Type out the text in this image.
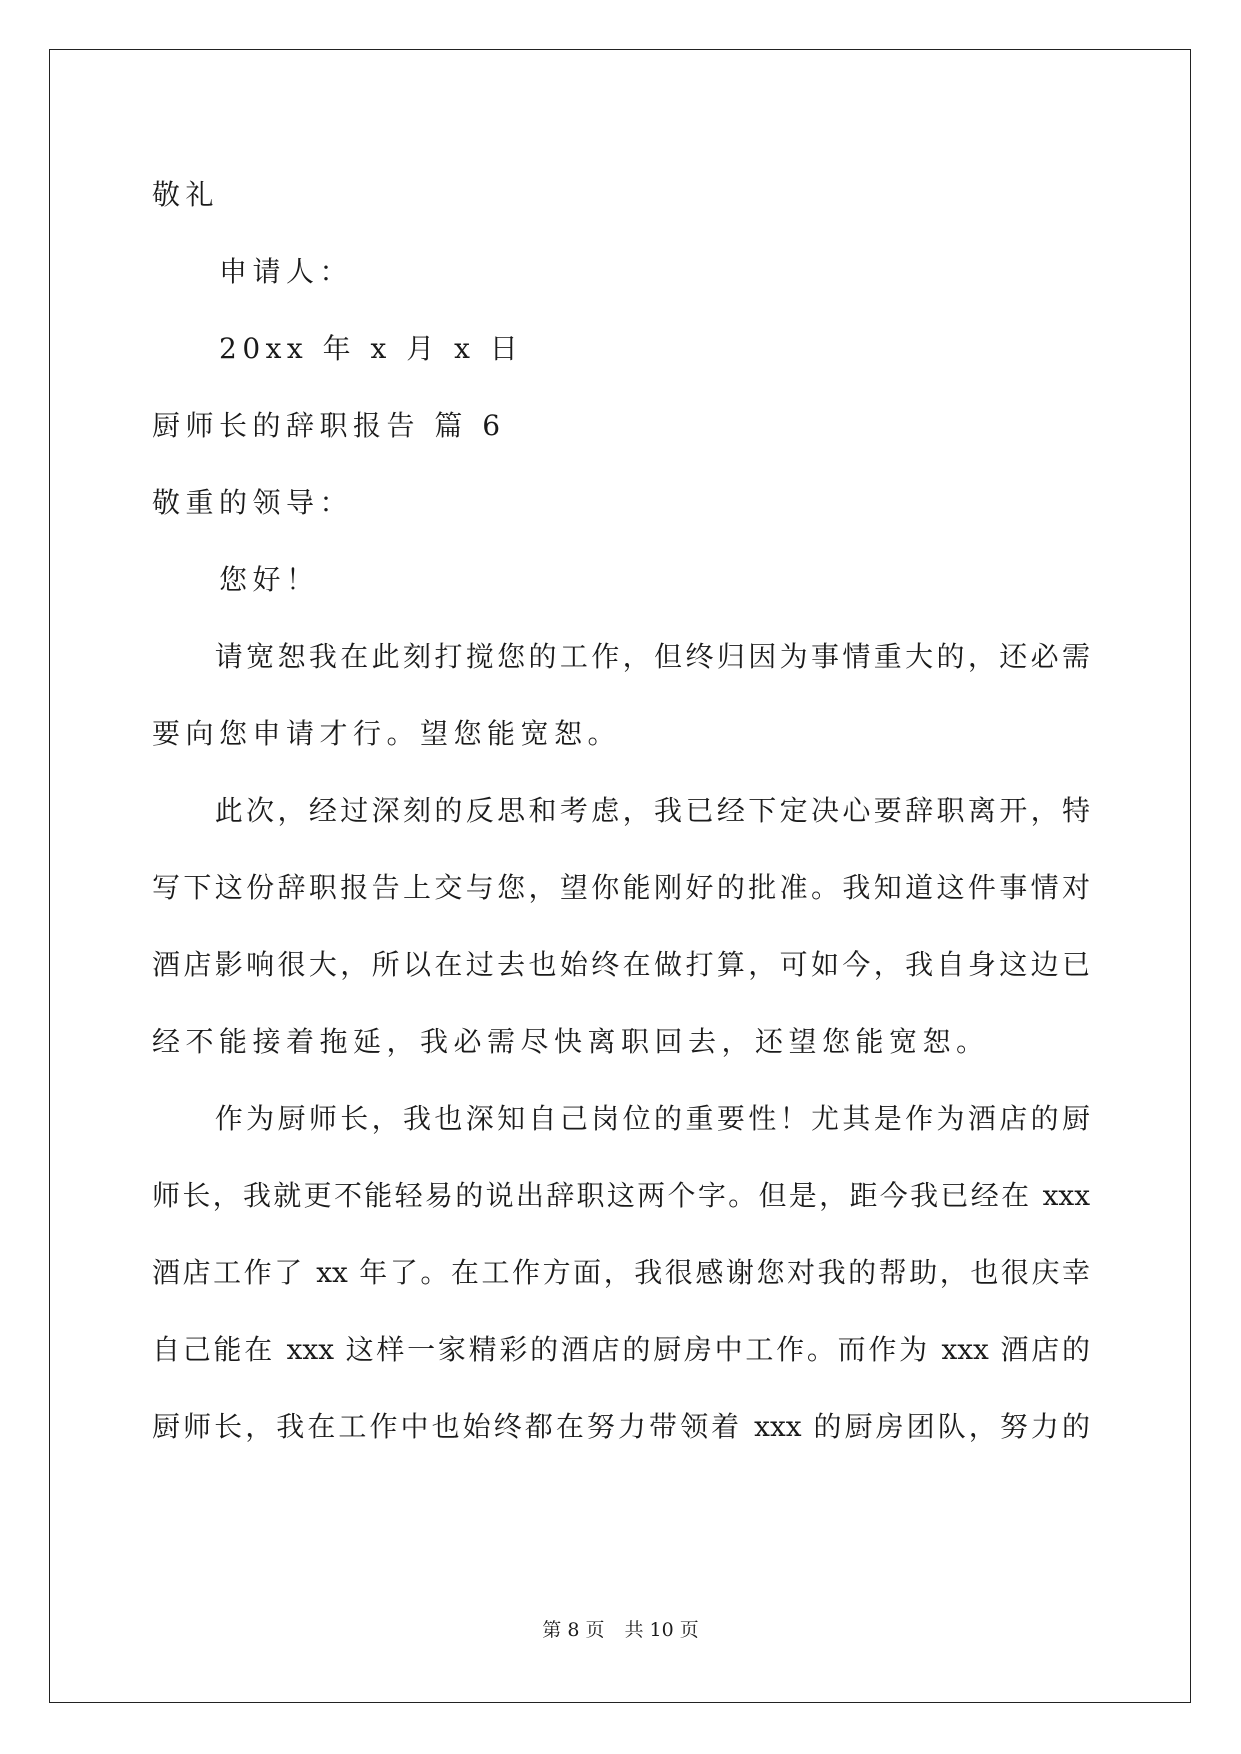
敬礼
　　申请人：
　　20xx 年 x 月 x 日
厨师长的辞职报告 篇 6
敬重的领导：
　　您好！
　　请宽恕我在此刻打搅您的工作，但终归因为事情重大的，还必需
要向您申请才行。望您能宽恕。
　　此次，经过深刻的反思和考虑，我已经下定决心要辞职离开，特
写下这份辞职报告上交与您，望你能刚好的批准。我知道这件事情对
酒店影响很大，所以在过去也始终在做打算，可如今，我自身这边已
经不能接着拖延，我必需尽快离职回去，还望您能宽恕。
　　作为厨师长，我也深知自己岗位的重要性！尤其是作为酒店的厨
师长，我就更不能轻易的说出辞职这两个字。但是，距今我已经在 xxx
酒店工作了 xx 年了。在工作方面，我很感谢您对我的帮助，也很庆幸
自己能在 xxx 这样一家精彩的酒店的厨房中工作。而作为 xxx 酒店的
厨师长，我在工作中也始终都在努力带领着 xxx 的厨房团队，努力的
第 8 页 共 10 页
